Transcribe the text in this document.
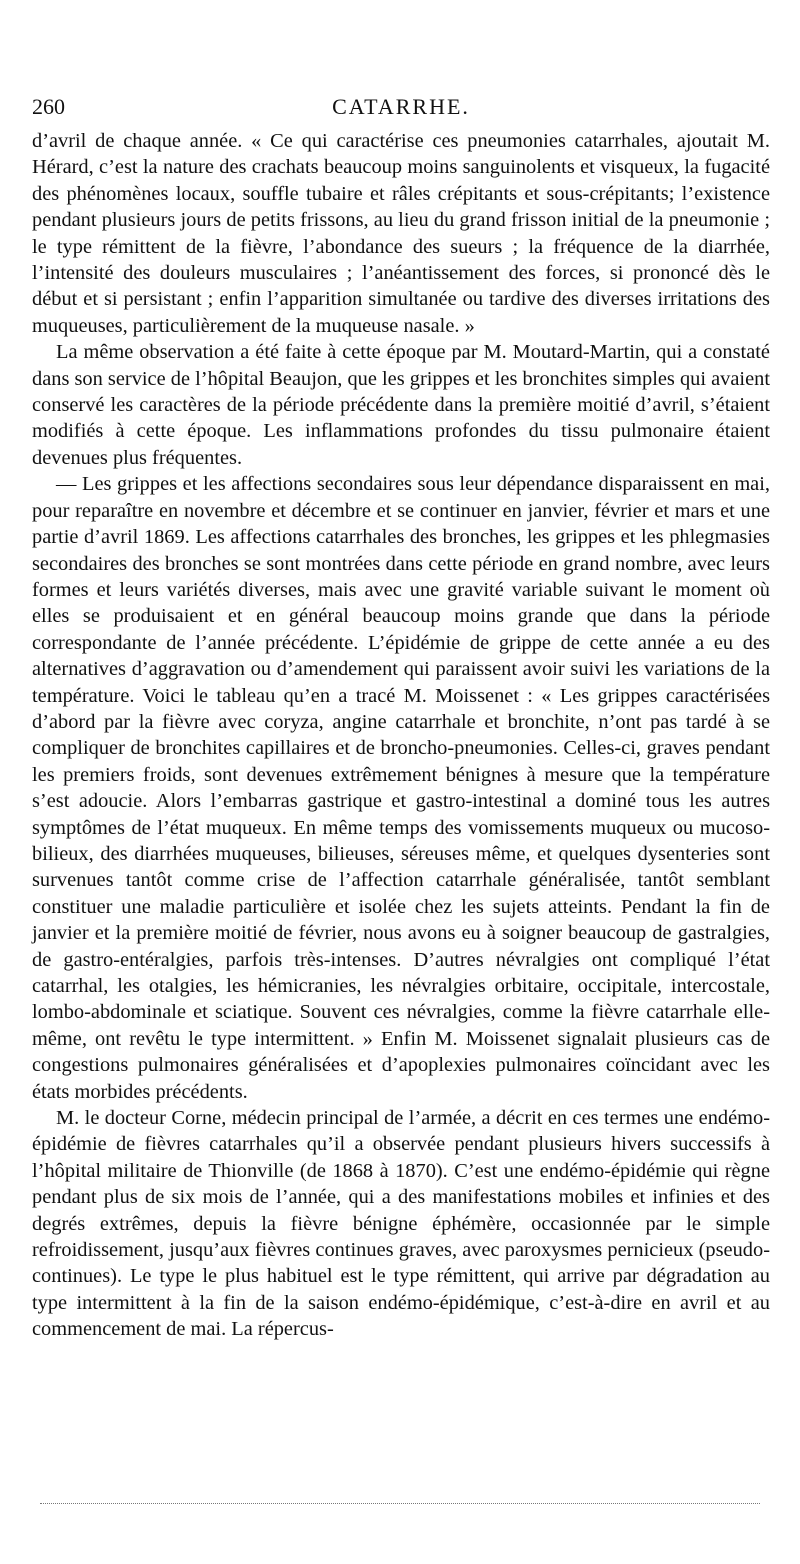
260	CATARRHE.

d’avril de chaque année. « Ce qui caractérise ces pneumonies catarrhales, ajoutait M. Hérard, c’est la nature des crachats beaucoup moins sanguinolents et visqueux, la fugacité des phénomènes locaux, souffle tubaire et râles crépitants et sous-crépitants; l’existence pendant plusieurs jours de petits frissons, au lieu du grand frisson initial de la pneumonie ; le type rémittent de la fièvre, l’abondance des sueurs ; la fréquence de la diarrhée, l’intensité des douleurs musculaires ; l’anéantissement des forces, si prononcé dès le début et si persistant ; enfin l’apparition simultanée ou tardive des diverses irritations des muqueuses, particulièrement de la muqueuse nasale. »

La même observation a été faite à cette époque par M. Moutard-Martin, qui a constaté dans son service de l’hôpital Beaujon, que les grippes et les bronchites simples qui avaient conservé les caractères de la période précédente dans la première moitié d’avril, s’étaient modifiés à cette époque. Les inflammations profondes du tissu pulmonaire étaient devenues plus fréquentes.

— Les grippes et les affections secondaires sous leur dépendance disparaissent en mai, pour reparaître en novembre et décembre et se continuer en janvier, février et mars et une partie d’avril 1869. Les affections catarrhales des bronches, les grippes et les phlegmasies secondaires des bronches se sont montrées dans cette période en grand nombre, avec leurs formes et leurs variétés diverses, mais avec une gravité variable suivant le moment où elles se produisaient et en général beaucoup moins grande que dans la période correspondante de l’année précédente. L’épidémie de grippe de cette année a eu des alternatives d’aggravation ou d’amendement qui paraissent avoir suivi les variations de la température. Voici le tableau qu’en a tracé M. Moissenet : « Les grippes caractérisées d’abord par la fièvre avec coryza, angine catarrhale et bronchite, n’ont pas tardé à se compliquer de bronchites capillaires et de broncho-pneumonies. Celles-ci, graves pendant les premiers froids, sont devenues extrêmement bénignes à mesure que la température s’est adoucie. Alors l’embarras gastrique et gastro-intestinal a dominé tous les autres symptômes de l’état muqueux. En même temps des vomissements muqueux ou mucoso-bilieux, des diarrhées muqueuses, bilieuses, séreuses même, et quelques dysenteries sont survenues tantôt comme crise de l’affection catarrhale généralisée, tantôt semblant constituer une maladie particulière et isolée chez les sujets atteints. Pendant la fin de janvier et la première moitié de février, nous avons eu à soigner beaucoup de gastralgies, de gastro-entéralgies, parfois très-intenses. D’autres névralgies ont compliqué l’état catarrhal, les otalgies, les hémicranies, les névralgies orbitaire, occipitale, intercostale, lombo-abdominale et sciatique. Souvent ces névralgies, comme la fièvre catarrhale elle-même, ont revêtu le type intermittent. » Enfin M. Moissenet signalait plusieurs cas de congestions pulmonaires généralisées et d’apoplexies pulmonaires coïncidant avec les états morbides précédents.

M. le docteur Corne, médecin principal de l’armée, a décrit en ces termes une endémo-épidémie de fièvres catarrhales qu’il a observée pendant plusieurs hivers successifs à l’hôpital militaire de Thionville (de 1868 à 1870). C’est une endémo-épidémie qui règne pendant plus de six mois de l’année, qui a des manifestations mobiles et infinies et des degrés extrêmes, depuis la fièvre bénigne éphémère, occasionnée par le simple refroidissement, jusqu’aux fièvres continues graves, avec paroxysmes pernicieux (pseudo-continues). Le type le plus habituel est le type rémittent, qui arrive par dégradation au type intermittent à la fin de la saison endémo-épidémique, c’est-à-dire en avril et au commencement de mai. La répercus-
